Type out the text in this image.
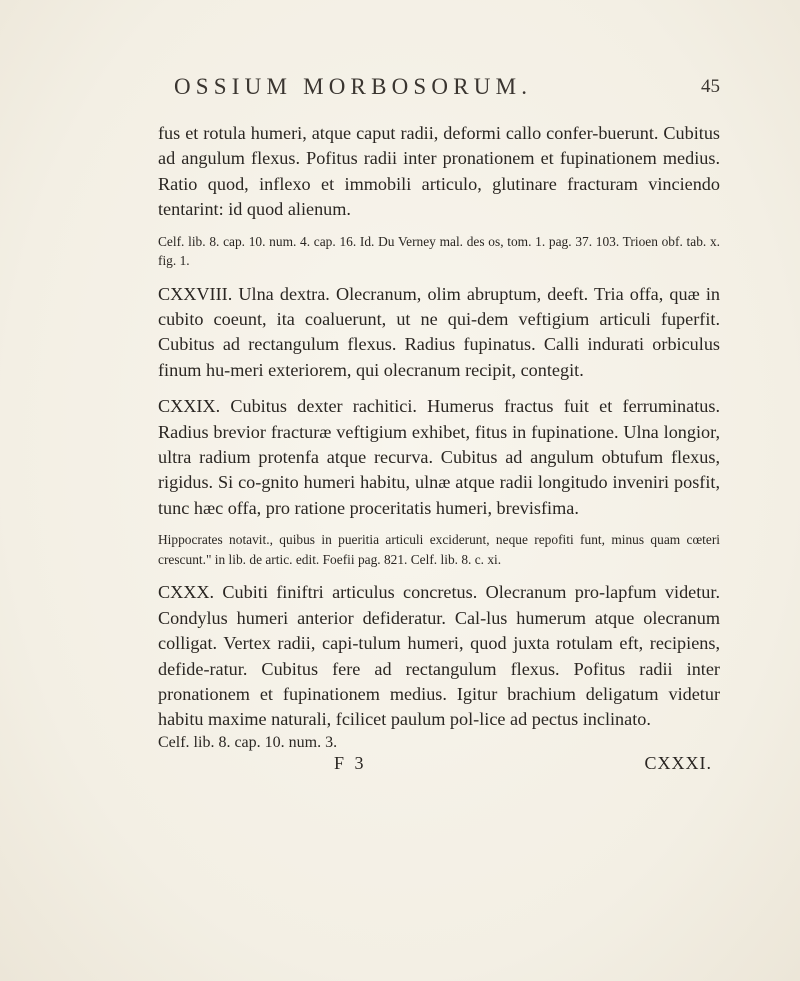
OSSIUM MORBOSORUM.	45

fus et rotula humeri, atque caput radii, deformi callo confer-buerunt. Cubitus ad angulum flexus. Pofitus radii inter pronationem et fupinationem medius. Ratio quod, inflexo et immobili articulo, glutinare fracturam vinciendo tentarint: id quod alienum.

Celf. lib. 8. cap. 10. num. 4. cap. 16. Id. Du Verney mal. des os, tom. 1. pag. 37. 103. Trioen obf. tab. x. fig. 1.

CXXVIII. Ulna dextra. Olecranum, olim abruptum, deeft. Tria offa, quæ in cubito coeunt, ita coaluerunt, ut ne qui-dem veftigium articuli fuperfit. Cubitus ad rectangulum flexus. Radius fupinatus. Calli indurati orbiculus finum hu-meri exteriorem, qui olecranum recipit, contegit.

CXXIX. Cubitus dexter rachitici. Humerus fractus fuit et ferruminatus. Radius brevior fracturæ veftigium exhibet, fitus in fupinatione. Ulna longior, ultra radium protenfa atque recurva. Cubitus ad angulum obtufum flexus, rigidus. Si co-gnito humeri habitu, ulnæ atque radii longitudo inveniri posfit, tunc hæc offa, pro ratione proceritatis humeri, brevisfima.

Hippocrates notavit., quibus in pueritia articuli exciderunt, neque repofiti funt, minus quam cœteri crescunt." in lib. de artic. edit. Foefii pag. 821. Celf. lib. 8. c. xi.

CXXX. Cubiti finiftri articulus concretus. Olecranum pro-lapfum videtur. Condylus humeri anterior defideratur. Cal-lus humerum atque olecranum colligat. Vertex radii, capi-tulum humeri, quod juxta rotulam eft, recipiens, defide-ratur. Cubitus fere ad rectangulum flexus. Pofitus radii inter pronationem et fupinationem medius. Igitur brachium deligatum videtur habitu maxime naturali, fcilicet paulum pol-lice ad pectus inclinato.

Celf. lib. 8. cap. 10. num. 3.

F 3	CXXXI.
